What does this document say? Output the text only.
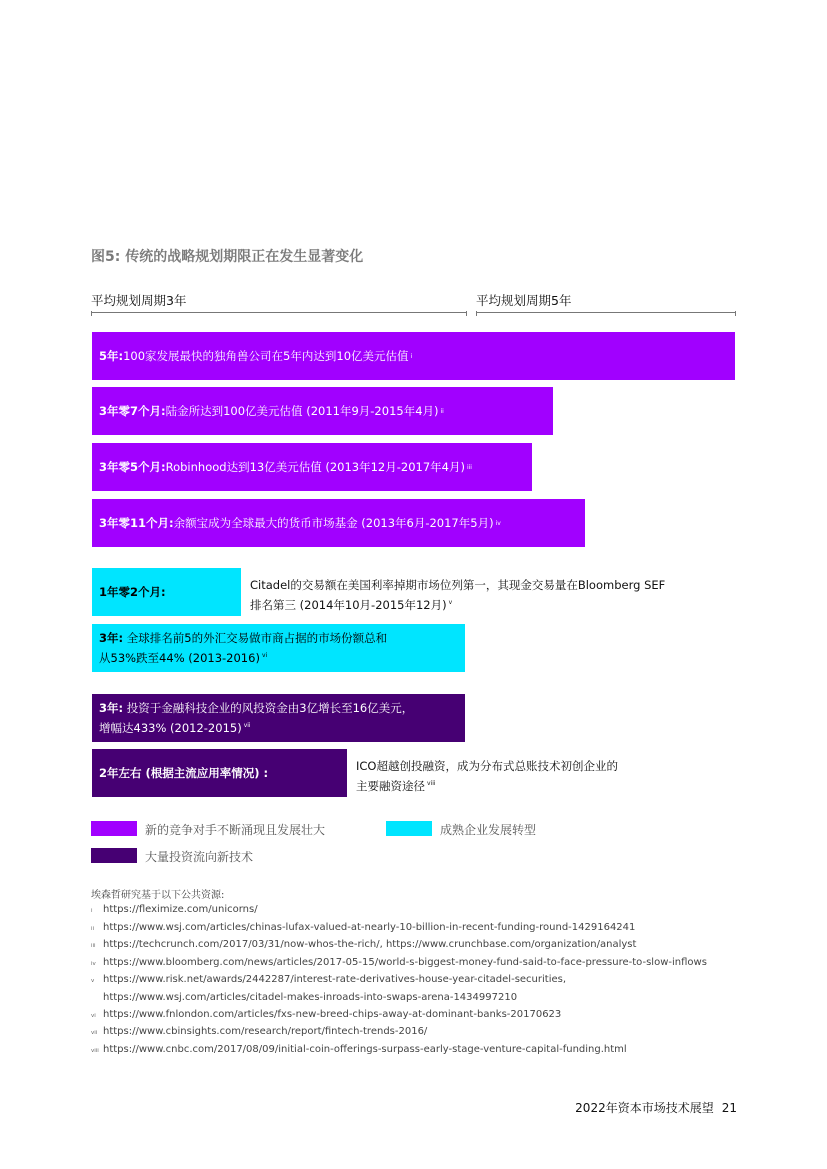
图5: 传统的战略规划期限正在发生显著变化
平均规划周期3年	平均规划周期5年
5年: 100家发展最快的独角兽公司在5年内达到10亿美元估值 i
3年零7个月: 陆金所达到100亿美元估值 (2011年9月-2015年4月) ii
3年零5个月: Robinhood达到13亿美元估值 (2013年12月-2017年4月) iii
3年零11个月: 余额宝成为全球最大的货币市场基金 (2013年6月-2017年5月) iv
1年零2个月:	Citadel的交易额在美国利率掉期市场位列第一，其现金交易量在Bloomberg SEF
排名第三 (2014年10月-2015年12月) $^v$
3年: 全球排名前5的外汇交易做市商占据的市场份额总和
从53%跌至44% (2013-2016) $^{vi}$
3年: 投资于金融科技企业的风投资金由3亿增长至16亿美元，
增幅达433% (2012-2015) $^{vii}$
2年左右 (根据主流应用率情况) :	ICO超越创投融资，成为分布式总账技术初创企业的
主要融资途径 $^{viii}$
新的竞争对手不断涌现且发展壮大	成熟企业发展转型
大量投资流向新技术
埃森哲研究基于以下公共资源:
i	https://fleximize.com/unicorns/
ii https://www.wsj.com/articles/chinas-lufax-valued-at-nearly-10-billion-in-recent-funding-round-1429164241
iii https://techcrunch.com/2017/03/31/now-whos-the-rich/, https://www.crunchbase.com/organization/analyst
iv https://www.bloomberg.com/news/articles/2017-05-15/world-s-biggest-money-fund-said-to-face-pressure-to-slow-inflows
v https://www.risk.net/awards/2442287/interest-rate-derivatives-house-year-citadel-securities,
https://www.wsj.com/articles/citadel-makes-inroads-into-swaps-arena-1434997210
vi https://www.fnlondon.com/articles/fxs-new-breed-chips-away-at-dominant-banks-20170623
vii https://www.cbinsights.com/research/report/fintech-trends-2016/
viii https://www.cnbc.com/2017/08/09/initial-coin-offerings-surpass-early-stage-venture-capital-funding.html
2022年资本市场技术展望 21
